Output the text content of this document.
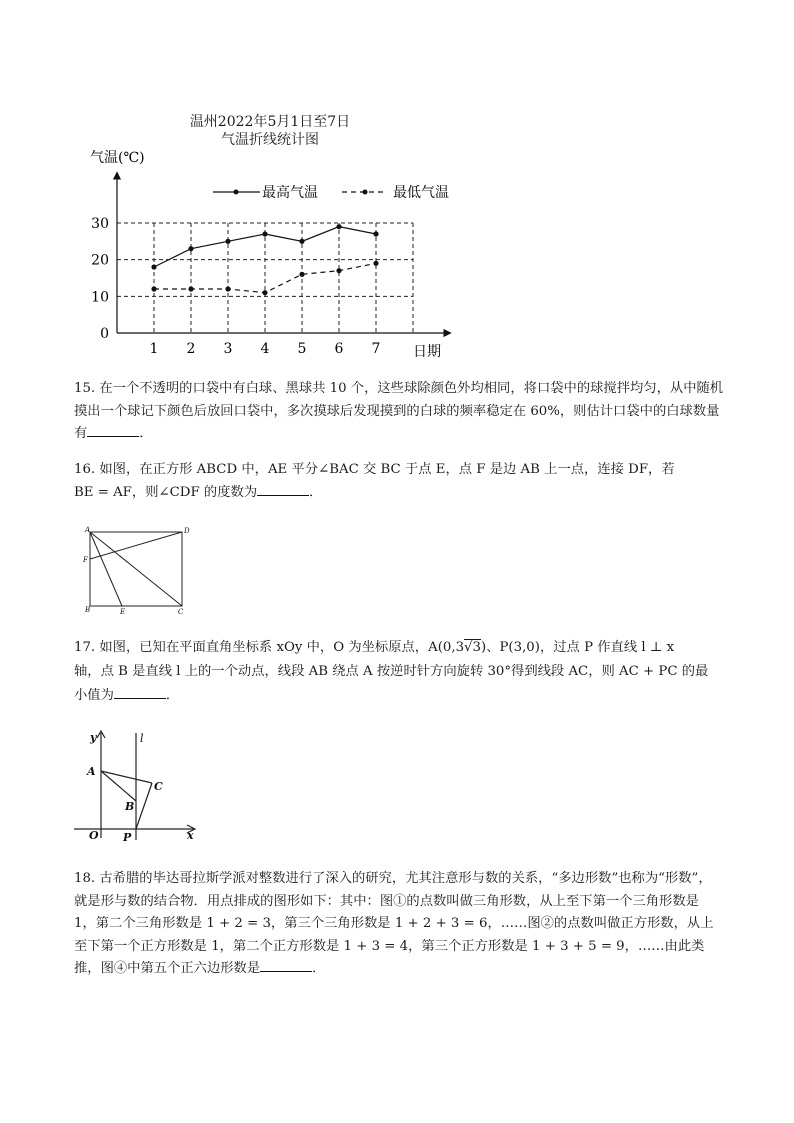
温州2022年5月1日至7日
气温折线统计图
气温(℃)
30
20
10
0
1 2 3 4 5 6 7 日期
最高气温	最低气温

15. 在一个不透明的口袋中有白球、黑球共 10 个，这些球除颜色外均相同，将口袋中的球搅拌均匀，从中随机摸出一个球记下颜色后放回口袋中，多次摸球后发现摸到的白球的频率稳定在 60%，则估计口袋中的白球数量有	．

16. 如图，在正方形 ABCD 中，AE 平分∠BAC 交 BC 于点 E，点 F 是边 AB 上一点，连接 DF，若

BE = AF，则∠CDF 的度数为	．

A	D
F
B	E	C

17. 如图，已知在平面直角坐标系 xOy 中，O 为坐标原点，A(0,3√3)、P(3,0)，过点 P 作直线 l ⊥ x

轴，点 B 是直线 l 上的一个动点，线段 AB 绕点 A 按逆时针方向旋转 30°得到线段 AC，则 AC + PC 的最

小值为	．

y	l
A
C
B
O P	x

18. 古希腊的毕达哥拉斯学派对整数进行了深入的研究，尤其注意形与数的关系，“多边形数”也称为“形数”，就是形与数的结合物．用点排成的图形如下：其中：图①的点数叫做三角形数，从上至下第一个三角形数是 1，第二个三角形数是 1 + 2 = 3，第三个三角形数是 1 + 2 + 3 = 6，……图②的点数叫做正方形数，从上至下第一个正方形数是 1，第二个正方形数是 1 + 3 = 4，第三个正方形数是 1 + 3 + 5 = 9，……由此类推，图④中第五个正六边形数是	．
